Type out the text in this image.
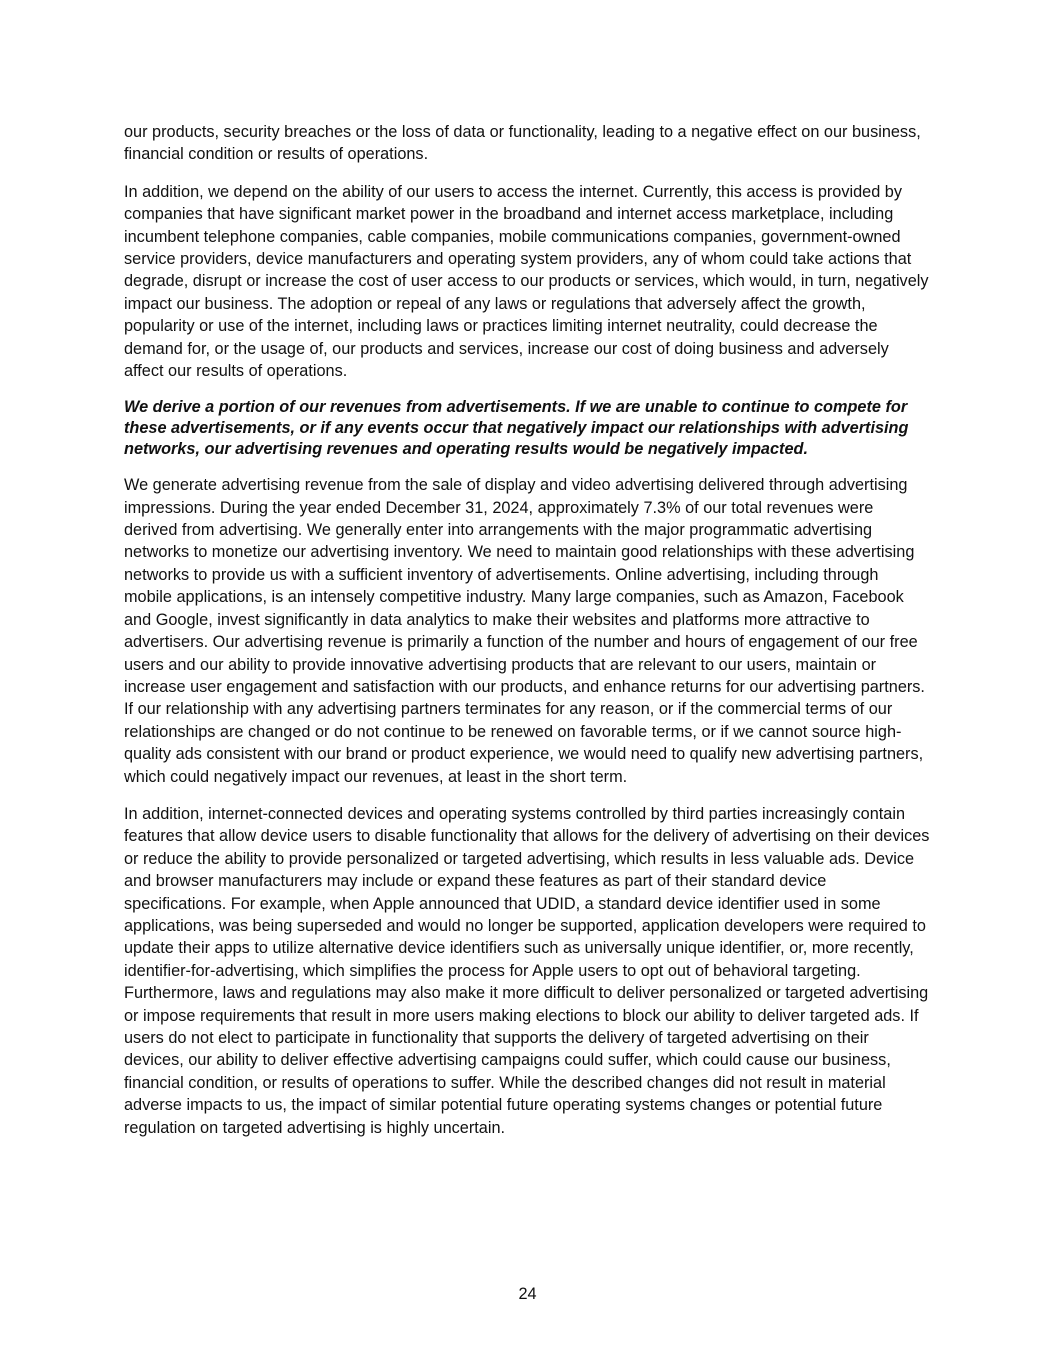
our products, security breaches or the loss of data or functionality, leading to a negative effect on our business, financial condition or results of operations.

In addition, we depend on the ability of our users to access the internet. Currently, this access is provided by companies that have significant market power in the broadband and internet access marketplace, including incumbent telephone companies, cable companies, mobile communications companies, government-owned service providers, device manufacturers and operating system providers, any of whom could take actions that degrade, disrupt or increase the cost of user access to our products or services, which would, in turn, negatively impact our business. The adoption or repeal of any laws or regulations that adversely affect the growth, popularity or use of the internet, including laws or practices limiting internet neutrality, could decrease the demand for, or the usage of, our products and services, increase our cost of doing business and adversely affect our results of operations.

We derive a portion of our revenues from advertisements. If we are unable to continue to compete for these advertisements, or if any events occur that negatively impact our relationships with advertising networks, our advertising revenues and operating results would be negatively impacted.

We generate advertising revenue from the sale of display and video advertising delivered through advertising impressions. During the year ended December 31, 2024, approximately 7.3% of our total revenues were derived from advertising. We generally enter into arrangements with the major programmatic advertising networks to monetize our advertising inventory. We need to maintain good relationships with these advertising networks to provide us with a sufficient inventory of advertisements. Online advertising, including through mobile applications, is an intensely competitive industry. Many large companies, such as Amazon, Facebook and Google, invest significantly in data analytics to make their websites and platforms more attractive to advertisers. Our advertising revenue is primarily a function of the number and hours of engagement of our free users and our ability to provide innovative advertising products that are relevant to our users, maintain or increase user engagement and satisfaction with our products, and enhance returns for our advertising partners. If our relationship with any advertising partners terminates for any reason, or if the commercial terms of our relationships are changed or do not continue to be renewed on favorable terms, or if we cannot source high-quality ads consistent with our brand or product experience, we would need to qualify new advertising partners, which could negatively impact our revenues, at least in the short term.

In addition, internet-connected devices and operating systems controlled by third parties increasingly contain features that allow device users to disable functionality that allows for the delivery of advertising on their devices or reduce the ability to provide personalized or targeted advertising, which results in less valuable ads. Device and browser manufacturers may include or expand these features as part of their standard device specifications. For example, when Apple announced that UDID, a standard device identifier used in some applications, was being superseded and would no longer be supported, application developers were required to update their apps to utilize alternative device identifiers such as universally unique identifier, or, more recently, identifier-for-advertising, which simplifies the process for Apple users to opt out of behavioral targeting. Furthermore, laws and regulations may also make it more difficult to deliver personalized or targeted advertising or impose requirements that result in more users making elections to block our ability to deliver targeted ads. If users do not elect to participate in functionality that supports the delivery of targeted advertising on their devices, our ability to deliver effective advertising campaigns could suffer, which could cause our business, financial condition, or results of operations to suffer. While the described changes did not result in material adverse impacts to us, the impact of similar potential future operating systems changes or potential future regulation on targeted advertising is highly uncertain.

24
